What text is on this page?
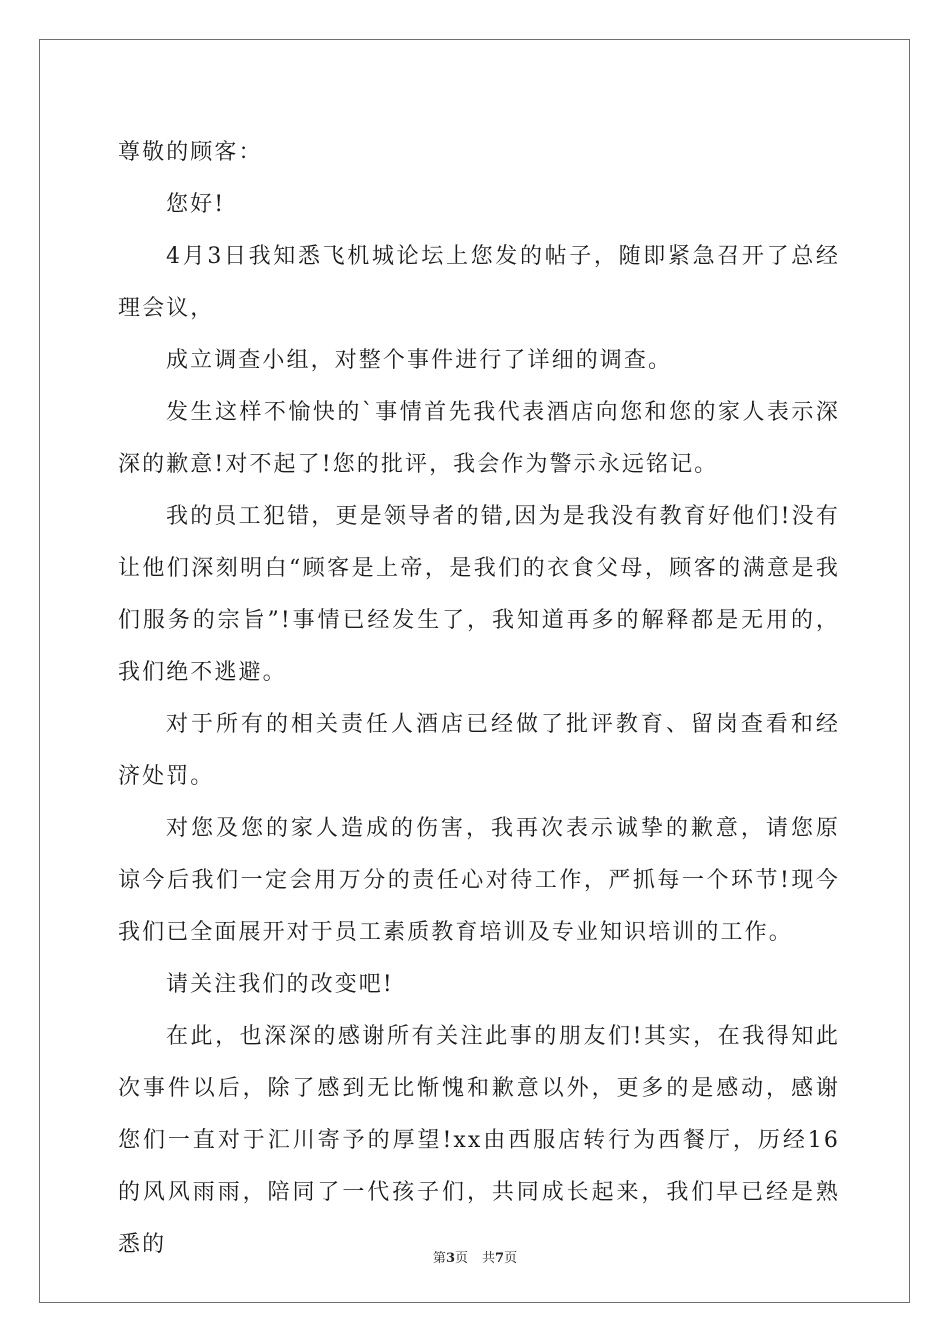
尊敬的顾客：

您好!

4月3日我知悉飞机城论坛上您发的帖子，随即紧急召开了总经理会议，

成立调查小组，对整个事件进行了详细的调查。

发生这样不愉快的`事情首先我代表酒店向您和您的家人表示深深的歉意!对不起了!您的批评，我会作为警示永远铭记。

我的员工犯错，更是领导者的错,因为是我没有教育好他们!没有让他们深刻明白“顾客是上帝，是我们的衣食父母，顾客的满意是我们服务的宗旨”!事情已经发生了，我知道再多的解释都是无用的，我们绝不逃避。

对于所有的相关责任人酒店已经做了批评教育、留岗查看和经济处罚。

对您及您的家人造成的伤害，我再次表示诚挚的歉意，请您原谅今后我们一定会用万分的责任心对待工作，严抓每一个环节!现今我们已全面展开对于员工素质教育培训及专业知识培训的工作。

请关注我们的改变吧!

在此，也深深的感谢所有关注此事的朋友们!其实，在我得知此次事件以后，除了感到无比惭愧和歉意以外，更多的是感动，感谢您们一直对于汇川寄予的厚望!xx由西服店转行为西餐厅，历经16的风风雨雨，陪同了一代孩子们，共同成长起来，我们早已经是熟悉的

第3页 共7页
